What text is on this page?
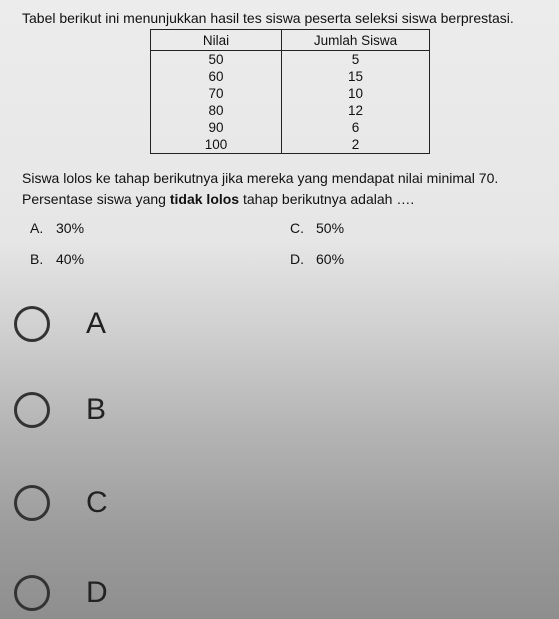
Tabel berikut ini menunjukkan hasil tes siswa peserta seleksi siswa berprestasi.
Nilai	Jumlah Siswa
50	5
60	15
70	10
80	12
90	6
100	2
Siswa lolos ke tahap berikutnya jika mereka yang mendapat nilai minimal 70.
Persentase siswa yang tidak lolos tahap berikutnya adalah ….
A. 30%	C. 50%
B. 40%	D. 60%
A
B
C
D
